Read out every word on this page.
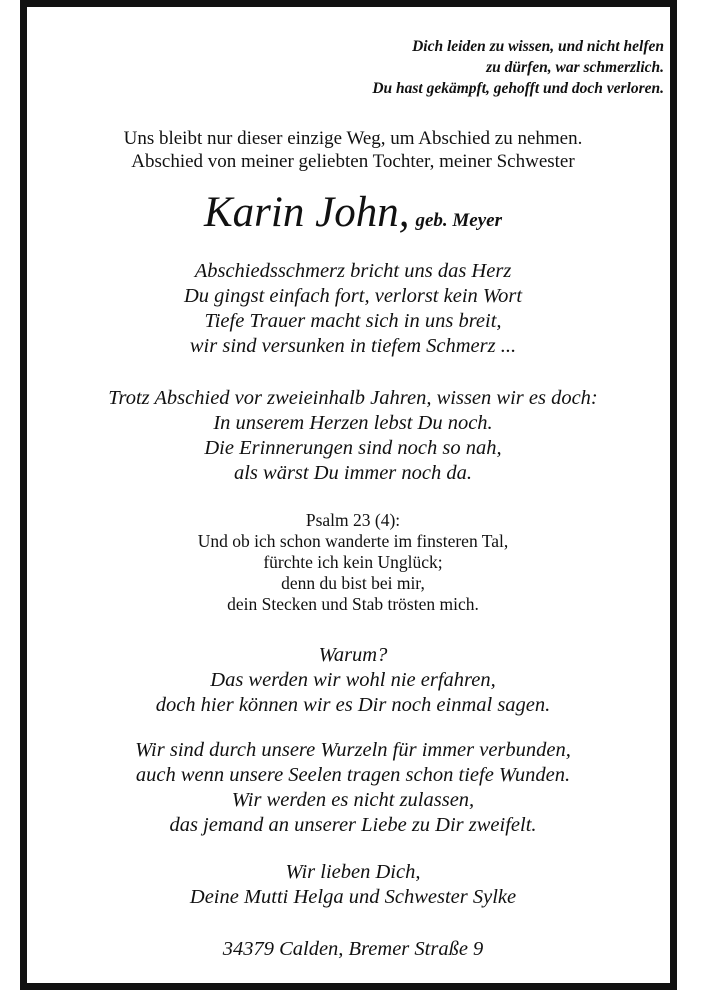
Dich leiden zu wissen, und nicht helfen
zu dürfen, war schmerzlich.
Du hast gekämpft, gehofft und doch verloren.
Uns bleibt nur dieser einzige Weg, um Abschied zu nehmen.
Abschied von meiner geliebten Tochter, meiner Schwester
Karin John, geb. Meyer
Abschiedsschmerz bricht uns das Herz
Du gingst einfach fort, verlorst kein Wort
Tiefe Trauer macht sich in uns breit,
wir sind versunken in tiefem Schmerz ...
Trotz Abschied vor zweieinhalb Jahren, wissen wir es doch:
In unserem Herzen lebst Du noch.
Die Erinnerungen sind noch so nah,
als wärst Du immer noch da.
Psalm 23 (4):
Und ob ich schon wanderte im finsteren Tal,
fürchte ich kein Unglück;
denn du bist bei mir,
dein Stecken und Stab trösten mich.
Warum?
Das werden wir wohl nie erfahren,
doch hier können wir es Dir noch einmal sagen.
Wir sind durch unsere Wurzeln für immer verbunden,
auch wenn unsere Seelen tragen schon tiefe Wunden.
Wir werden es nicht zulassen,
das jemand an unserer Liebe zu Dir zweifelt.
Wir lieben Dich,
Deine Mutti Helga und Schwester Sylke
34379 Calden, Bremer Straße 9
